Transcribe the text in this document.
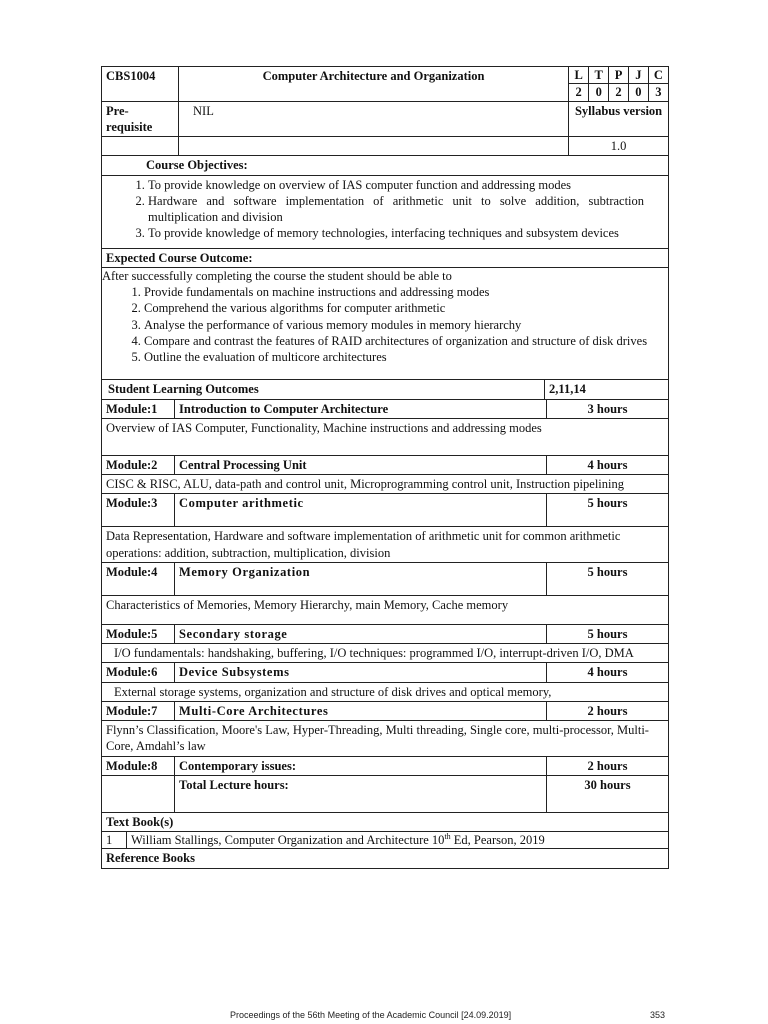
CBS1004	Computer Architecture and Organization		L	T	P	J	C
2	0	2	0	3

Pre-requisite	NIL	Syllabus version
		1.0
Course Objectives:

1. To provide knowledge on overview of IAS computer function and addressing modes
2. Hardware and software implementation of arithmetic unit to solve addition, subtraction multiplication and division
3. To provide knowledge of memory technologies, interfacing techniques and subsystem devices

Expected Course Outcome:

After successfully completing the course the student should be able to
1. Provide fundamentals on machine instructions and addressing modes
2. Comprehend the various algorithms for computer arithmetic
3. Analyse the performance of various memory modules in memory hierarchy
4. Compare and contrast the features of RAID architectures of organization and structure of disk drives
5. Outline the evaluation of multicore architectures

Student Learning Outcomes	2,11,14
Module:1	Introduction to Computer Architecture	3 hours
Overview of IAS Computer, Functionality, Machine instructions and addressing modes		
Module:2	Central Processing Unit	4 hours
CISC & RISC, ALU, data-path and control unit, Microprogramming control unit, Instruction pipelining		
Module:3	Computer arithmetic	5 hours
Data Representation, Hardware and software implementation of arithmetic unit for common arithmetic operations: addition, subtraction, multiplication, division		
Module:4	Memory Organization	5 hours
Characteristics of Memories, Memory Hierarchy, main Memory, Cache memory		
Module:5	Secondary storage	5 hours
I/O fundamentals: handshaking, buffering, I/O techniques: programmed I/O, interrupt-driven I/O, DMA		
Module:6	Device Subsystems	4 hours
External storage systems, organization and structure of disk drives and optical memory,		
Module:7	Multi-Core Architectures	2 hours
Flynn’s Classification, Moore's Law, Hyper-Threading, Multi threading, Single core, multi-processor, Multi-Core, Amdahl’s law		
Module:8	Contemporary issues:	2 hours
	Total Lecture hours:	30 hours
Text Book(s)		

1 William Stallings, Computer Organization and Architecture 10th Ed, Pearson, 2019		

Reference Books		
Proceedings of the 56th Meeting of the Academic Council [24.09.2019]	353
